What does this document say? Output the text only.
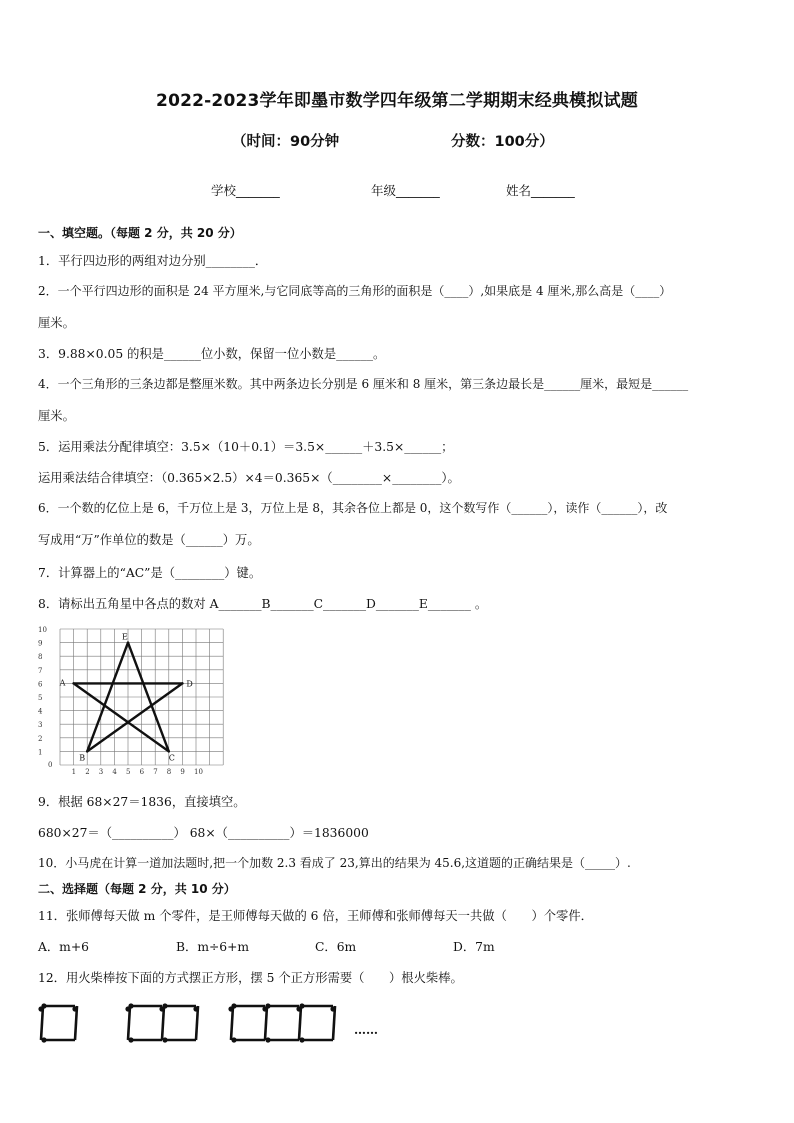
2022-2023学年即墨市数学四年级第二学期期末经典模拟试题
（时间：90分钟	分数：100分）
学校_______	年级_______	姓名_______
一、填空题。（每题 2 分，共 20 分）
1．平行四边形的两组对边分别________．
2．一个平行四边形的面积是 24 平方厘米,与它同底等高的三角形的面积是（____）,如果底是 4 厘米,那么高是（____）
厘米。
3．9.88×0.05 的积是______位小数，保留一位小数是______。
4．一个三角形的三条边都是整厘米数。其中两条边长分别是 6 厘米和 8 厘米，第三条边最长是______厘米，最短是______
厘米。
5．运用乘法分配律填空：3.5×（10＋0.1）＝3.5×______＋3.5×______；
运用乘法结合律填空：（0.365×2.5）×4＝0.365×（________×________）。
6．一个数的亿位上是 6，千万位上是 3，万位上是 8，其余各位上都是 0，这个数写作（______），读作（______），改
写成用“万”作单位的数是（______）万。
7．计算器上的“AC”是（________）键。
8．请标出五角星中各点的数对 A_______B_______C_______D_______E_______ 。
1 2 3 4 5 6 7 8 9 10
1
2
3
4
5
6
7
8
9
10
0
A
B	C
D
E
9．根据 68×27＝1836，直接填空。
680×27＝（__________） 68×（__________）＝1836000
10．小马虎在计算一道加法题时,把一个加数 2.3 看成了 23,算出的结果为 45.6,这道题的正确结果是（_____）.
二、选择题（每题 2 分，共 10 分）
11．张师傅每天做 m 个零件，是王师傅每天做的 6 倍，王师傅和张师傅每天一共做（　　）个零件．
A．m+6	B．m÷6+m	C．6m	D．7m
12．用火柴棒按下面的方式摆正方形，摆 5 个正方形需要（　　）根火柴棒。
……
